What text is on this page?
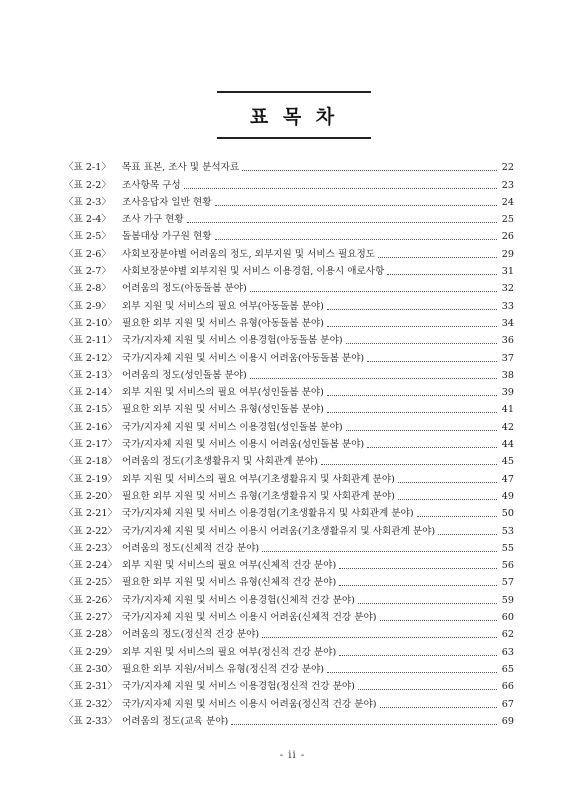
표 목 차
〈표 2-1〉	목표 표본, 조사 및 분석자료	22
〈표 2-2〉	조사항목 구성	23
〈표 2-3〉	조사응답자 일반 현황	24
〈표 2-4〉	조사 가구 현황	25
〈표 2-5〉	돌봄대상 가구원 현황	26
〈표 2-6〉	사회보장분야별 어려움의 정도, 외부지원 및 서비스 필요정도	29
〈표 2-7〉	사회보장분야별 외부지원 및 서비스 이용경험, 이용시 애로사항	31
〈표 2-8〉	어려움의 정도(아동돌봄 분야)	32
〈표 2-9〉	외부 지원 및 서비스의 필요 여부(아동돌봄 분야)	33
〈표 2-10〉 필요한 외부 지원 및 서비스 유형(아동돌봄 분야)	34
〈표 2-11〉 국가/지자체 지원 및 서비스 이용경험(아동돌봄 분야)	36
〈표 2-12〉 국가/지자체 지원 및 서비스 이용시 어려움(아동돌봄 분야)	37
〈표 2-13〉 어려움의 정도(성인돌봄 분야)	38
〈표 2-14〉 외부 지원 및 서비스의 필요 여부(성인돌봄 분야)	39
〈표 2-15〉 필요한 외부 지원 및 서비스 유형(성인돌봄 분야)	41
〈표 2-16〉 국가/지자체 지원 및 서비스 이용경험(성인돌봄 분야)	42
〈표 2-17〉 국가/지자체 지원 및 서비스 이용시 어려움(성인돌봄 분야)	44
〈표 2-18〉 어려움의 정도(기초생활유지 및 사회관계 분야)	45
〈표 2-19〉 외부 지원 및 서비스의 필요 여부(기초생활유지 및 사회관계 분야)	47
〈표 2-20〉 필요한 외부 지원 및 서비스 유형(기초생활유지 및 사회관계 분야)	49
〈표 2-21〉 국가/지자체 지원 및 서비스 이용경험(기초생활유지 및 사회관계 분야)	50
〈표 2-22〉 국가/지자체 지원 및 서비스 이용시 어려움(기초생활유지 및 사회관계 분야)	53
〈표 2-23〉 어려움의 정도(신체적 건강 분야)	55
〈표 2-24〉 외부 지원 및 서비스의 필요 여부(신체적 건강 분야)	56
〈표 2-25〉 필요한 외부 지원 및 서비스 유형(신체적 건강 분야)	57
〈표 2-26〉 국가/지자체 지원 및 서비스 이용경험(신체적 건강 분야)	59
〈표 2-27〉 국가/지자체 지원 및 서비스 이용시 어려움(신체적 건강 분야)	60
〈표 2-28〉 어려움의 정도(정신적 건강 분야)	62
〈표 2-29〉 외부 지원 및 서비스의 필요 여부(정신적 건강 분야)	63
〈표 2-30〉 필요한 외부 지원/서비스 유형(정신적 건강 분야)	65
〈표 2-31〉 국가/지자체 지원 및 서비스 이용경험(정신적 건강 분야)	66
〈표 2-32〉 국가/지자체 지원 및 서비스 이용시 어려움(정신적 건강 분야)	67
〈표 2-33〉 어려움의 정도(교육 분야)	69
- ii -
